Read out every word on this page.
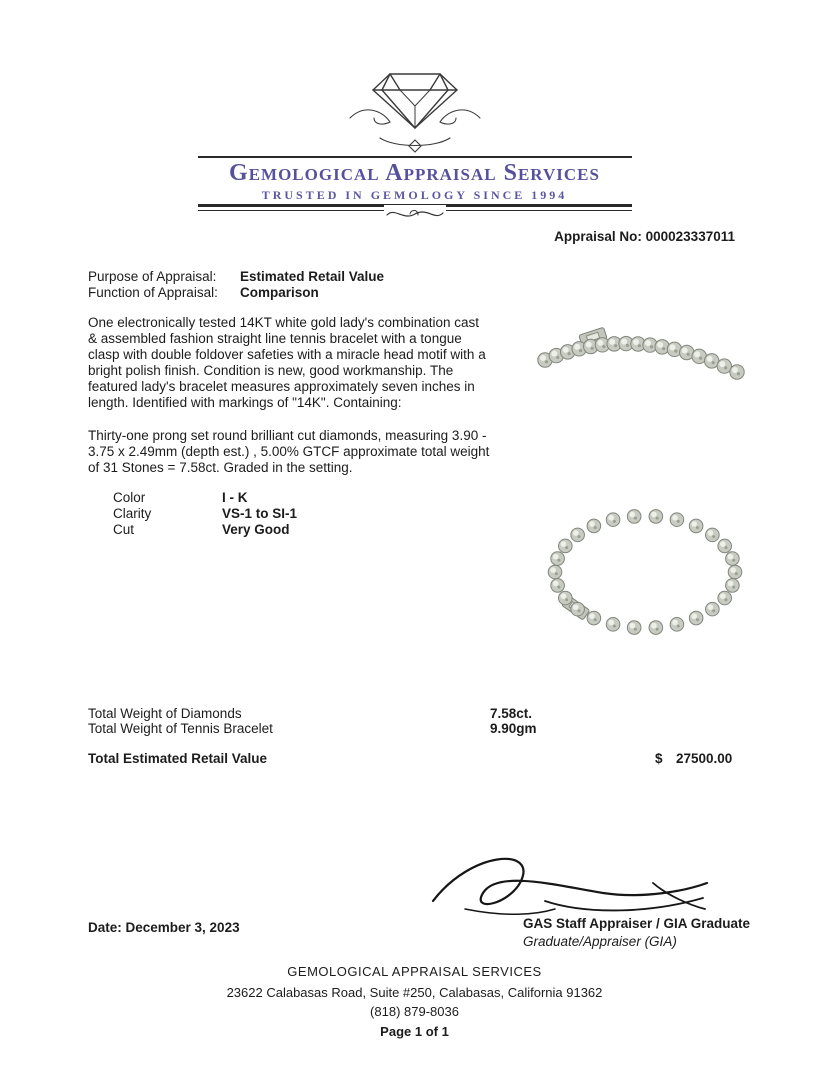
Gemological Appraisal Services
TRUSTED IN GEMOLOGY SINCE 1994
Appraisal No: 000023337011
Purpose of Appraisal: Estimated Retail Value
Function of Appraisal: Comparison
One electronically tested 14KT white gold lady's combination cast & assembled fashion straight line tennis bracelet with a tongue clasp with double foldover safeties with a miracle head motif with a bright polish finish. Condition is new, good workmanship. The featured lady's bracelet measures approximately seven inches in length. Identified with markings of "14K". Containing:
Thirty-one prong set round brilliant cut diamonds, measuring 3.90 - 3.75 x 2.49mm (depth est.) , 5.00% GTCF approximate total weight of 31 Stones = 7.58ct. Graded in the setting.
Color	I - K
Clarity	VS-1 to SI-1
Cut	Very Good
Total Weight of Diamonds	7.58ct.
Total Weight of Tennis Bracelet	9.90gm
Total Estimated Retail Value	$ 27500.00
Date: December 3, 2023	GAS Staff Appraiser / GIA Graduate
Graduate/Appraiser (GIA)
GEMOLOGICAL APPRAISAL SERVICES
23622 Calabasas Road, Suite #250, Calabasas, California 91362
(818) 879-8036
Page 1 of 1
